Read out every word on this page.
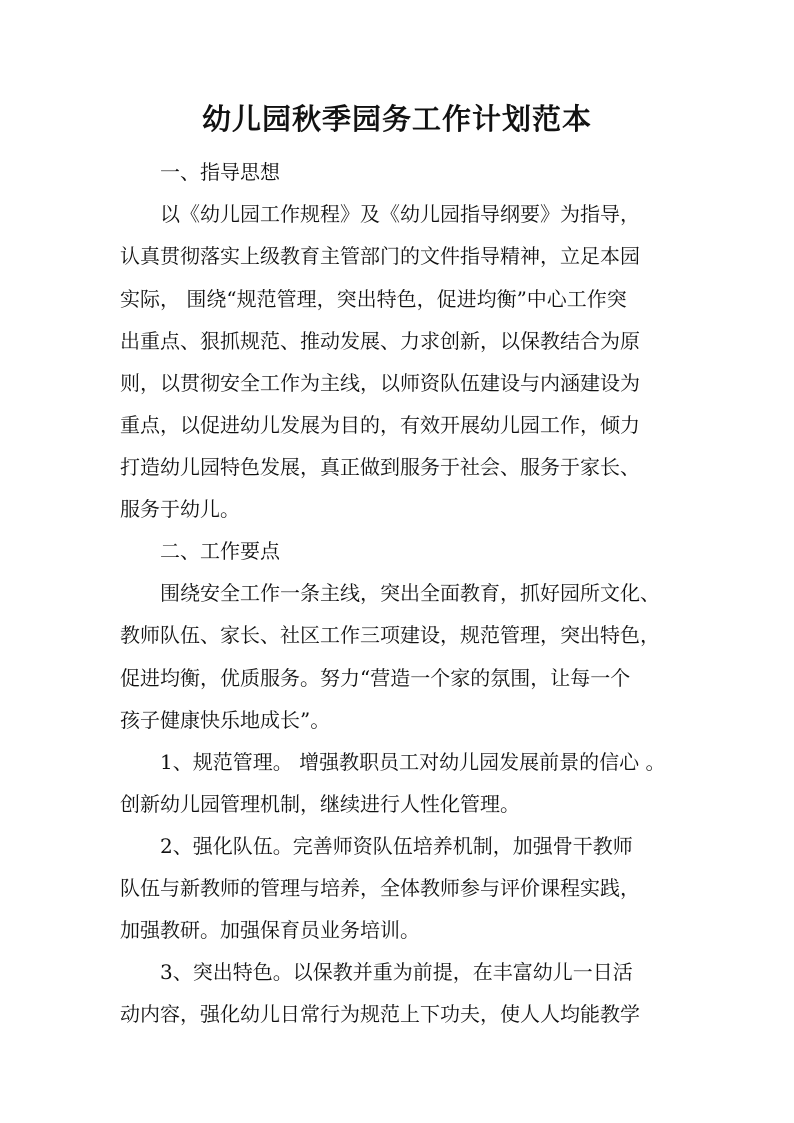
幼儿园秋季园务工作计划范本

　　一、指导思想

　　以《幼儿园工作规程》及《幼儿园指导纲要》为指导，

认真贯彻落实上级教育主管部门的文件指导精神，立足本园

实际， 围绕“规范管理，突出特色，促进均衡”中心工作突

出重点、狠抓规范、推动发展、力求创新，以保教结合为原

则，以贯彻安全工作为主线，以师资队伍建设与内涵建设为

重点，以促进幼儿发展为目的，有效开展幼儿园工作，倾力

打造幼儿园特色发展，真正做到服务于社会、服务于家长、

服务于幼儿。

　　二、工作要点

　　围绕安全工作一条主线，突出全面教育，抓好园所文化、

教师队伍、家长、社区工作三项建设，规范管理，突出特色，

促进均衡，优质服务。努力“营造一个家的氛围，让每一个

孩子健康快乐地成长”。

　　1、规范管理。 增强教职员工对幼儿园发展前景的信心 。

创新幼儿园管理机制，继续进行人性化管理。

　　2、强化队伍。完善师资队伍培养机制，加强骨干教师

队伍与新教师的管理与培养，全体教师参与评价课程实践，

加强教研。加强保育员业务培训。

　　3、突出特色。以保教并重为前提，在丰富幼儿一日活

动内容，强化幼儿日常行为规范上下功夫，使人人均能教学
